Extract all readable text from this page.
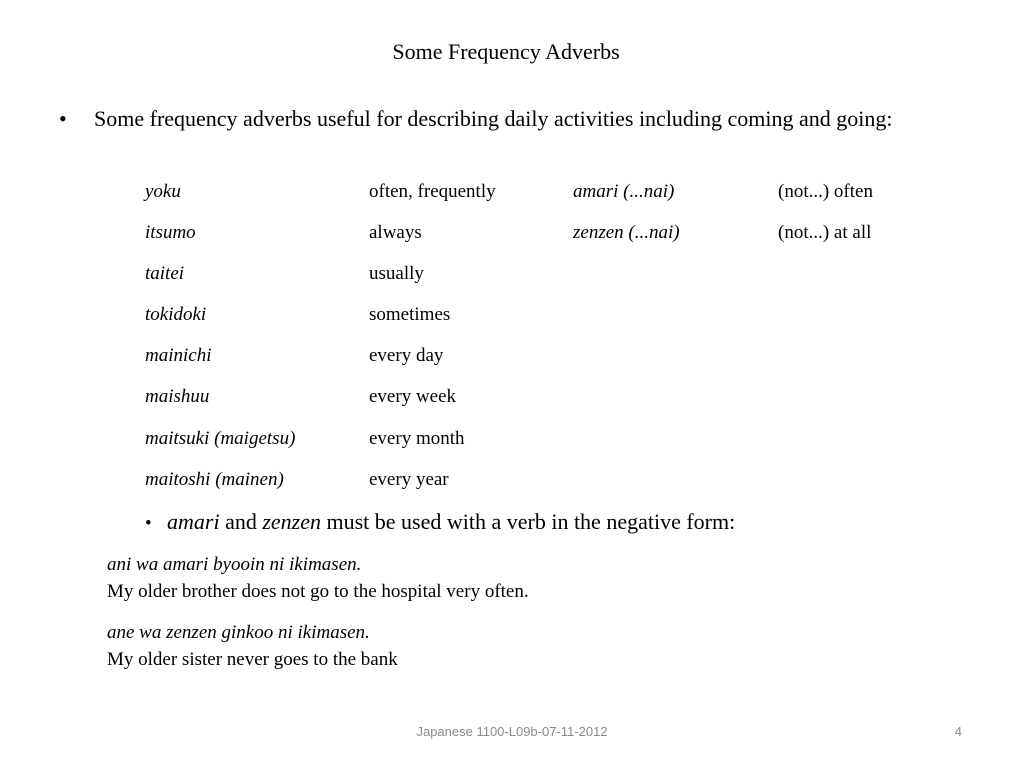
Some Frequency Adverbs
•	Some frequency adverbs useful for describing daily activities including coming and going:
yoku	often, frequently	amari (...nai)	(not...) often
itsumo	always	zenzen (...nai)	(not...) at all
taitei	usually
tokidoki	sometimes
mainichi	every day
maishuu	every week
maitsuki (maigetsu)	every month
maitoshi (mainen)	every year
• amari and zenzen must be used with a verb in the negative form:
ani wa amari byooin ni ikimasen.
My older brother does not go to the hospital very often.
ane wa zenzen ginkoo ni ikimasen.
My older sister never goes to the bank
Japanese 1100-L09b-07-11-2012	4
